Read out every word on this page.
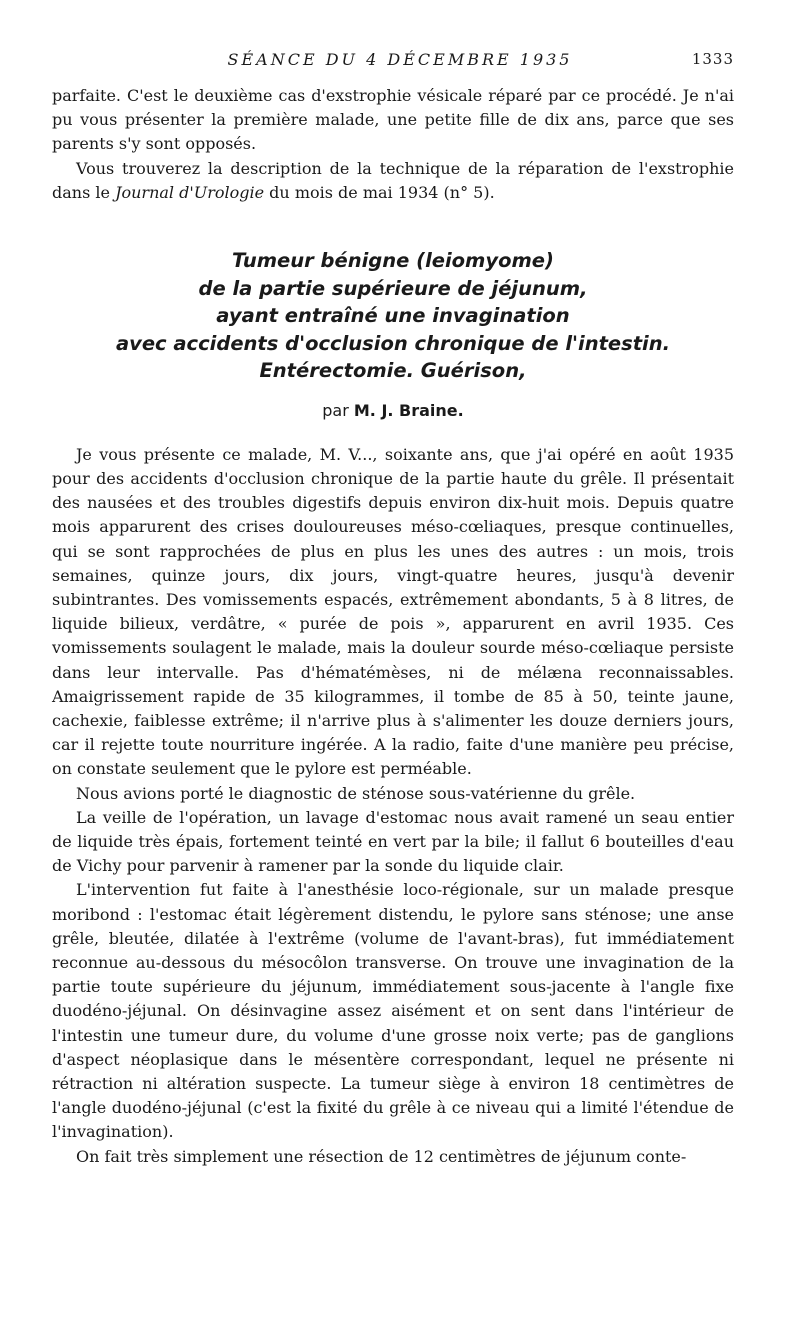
SÉANCE DU 4 DÉCEMBRE 1935	1333

parfaite. C'est le deuxième cas d'exstrophie vésicale réparé par ce procédé. Je n'ai pu vous présenter la première malade, une petite fille de dix ans, parce que ses parents s'y sont opposés.

Vous trouverez la description de la technique de la réparation de l'exstrophie dans le Journal d'Urologie du mois de mai 1934 (n° 5).

Tumeur bénigne (leiomyome)
de la partie supérieure de jéjunum,
ayant entraîné une invagination
avec accidents d'occlusion chronique de l'intestin.
Entérectomie. Guérison,
par M. J. Braine.

Je vous présente ce malade, M. V..., soixante ans, que j'ai opéré en août 1935 pour des accidents d'occlusion chronique de la partie haute du grêle. Il présentait des nausées et des troubles digestifs depuis environ dix-huit mois. Depuis quatre mois apparurent des crises douloureuses méso-cœliaques, presque continuelles, qui se sont rapprochées de plus en plus les unes des autres : un mois, trois semaines, quinze jours, dix jours, vingt-quatre heures, jusqu'à devenir subintrantes. Des vomissements espacés, extrêmement abondants, 5 à 8 litres, de liquide bilieux, verdâtre, « purée de pois », apparurent en avril 1935. Ces vomissements soulagent le malade, mais la douleur sourde méso-cœliaque persiste dans leur intervalle. Pas d'hématémèses, ni de mélæna reconnaissables. Amaigrissement rapide de 35 kilogrammes, il tombe de 85 à 50, teinte jaune, cachexie, faiblesse extrême; il n'arrive plus à s'alimenter les douze derniers jours, car il rejette toute nourriture ingérée. A la radio, faite d'une manière peu précise, on constate seulement que le pylore est perméable.

Nous avions porté le diagnostic de sténose sous-vatérienne du grêle.

La veille de l'opération, un lavage d'estomac nous avait ramené un seau entier de liquide très épais, fortement teinté en vert par la bile; il fallut 6 bouteilles d'eau de Vichy pour parvenir à ramener par la sonde du liquide clair.

L'intervention fut faite à l'anesthésie loco-régionale, sur un malade presque moribond : l'estomac était légèrement distendu, le pylore sans sténose; une anse grêle, bleutée, dilatée à l'extrême (volume de l'avant-bras), fut immédiatement reconnue au-dessous du mésocôlon transverse. On trouve une invagination de la partie toute supérieure du jéjunum, immédiatement sous-jacente à l'angle fixe duodéno-jéjunal. On désinvagine assez aisément et on sent dans l'intérieur de l'intestin une tumeur dure, du volume d'une grosse noix verte; pas de ganglions d'aspect néoplasique dans le mésentère correspondant, lequel ne présente ni rétraction ni altération suspecte. La tumeur siège à environ 18 centimètres de l'angle duodéno-jéjunal (c'est la fixité du grêle à ce niveau qui a limité l'étendue de l'invagination).

On fait très simplement une résection de 12 centimètres de jéjunum conte-
